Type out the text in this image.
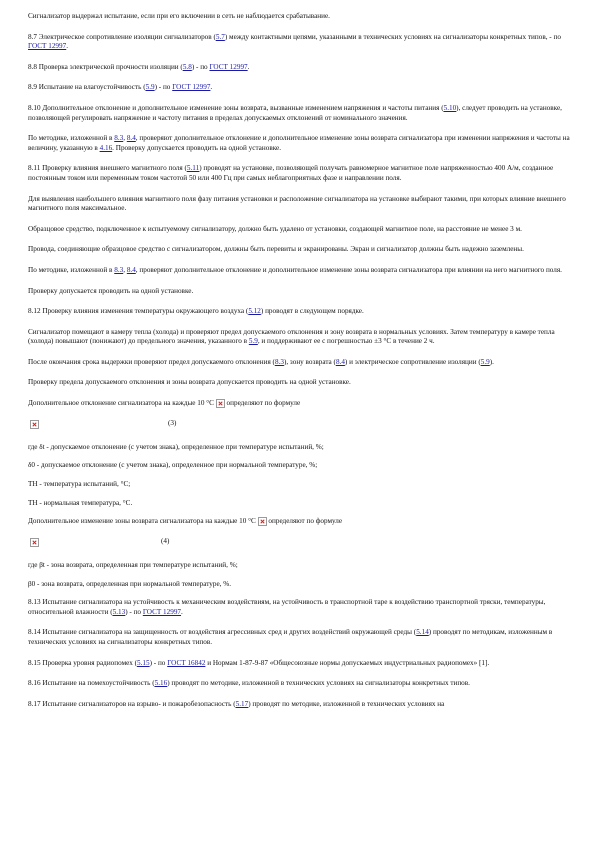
Сигнализатор выдержал испытание, если при его включении в сеть не наблюдается срабатывание.

8.7 Электрическое сопротивление изоляции сигнализаторов (5.7) между контактными цепями, указанными в технических условиях на сигнализаторы конкретных типов, - по ГОСТ 12997.

8.8 Проверка электрической прочности изоляции (5.8) - по ГОСТ 12997.

8.9 Испытание на влагоустойчивость (5.9) - по ГОСТ 12997.

8.10 Дополнительное отклонение и дополнительное изменение зоны возврата, вызванные изменением напряжения и частоты питания (5.10), следует проводить на установке, позволяющей регулировать напряжение и частоту питания в пределах допускаемых отклонений от номинального значения.

По методике, изложенной в 8.3, 8.4, проверяют дополнительное отклонение и дополнительное изменение зоны возврата сигнализатора при изменении напряжения и частоты на величину, указанную в 4.16. Проверку допускается проводить на одной установке.

8.11 Проверку влияния внешнего магнитного поля (5.11) проводят на установке, позволяющей получать равномерное магнитное поле напряженностью 400 А/м, созданное постоянным током или переменным током частотой 50 или 400 Гц при самых неблагоприятных фазе и направлении поля.

Для выявления наибольшего влияния магнитного поля фазу питания установки и расположение сигнализатора на установке выбирают такими, при которых влияние внешнего магнитного поля максимальное.

Образцовое средство, подключенное к испытуемому сигнализатору, должно быть удалено от установки, создающей магнитное поле, на расстояние не менее 3 м.

Провода, соединяющие образцовое средство с сигнализатором, должны быть перевиты и экранированы. Экран и сигнализатор должны быть надежно заземлены.

По методике, изложенной в 8.3, 8.4, проверяют дополнительное отклонение и дополнительное изменение зоны возврата сигнализатора при влиянии на него магнитного поля.

Проверку допускается проводить на одной установке.

8.12 Проверку влияния изменения температуры окружающего воздуха (5.12) проводят в следующем порядке.

Сигнализатор помещают в камеру тепла (холода) и проверяют предел допускаемого отклонения и зону возврата в нормальных условиях. Затем температуру в камере тепла (холода) повышают (понижают) до предельного значения, указанного в 5.9, и поддерживают ее с погрешностью ±3 °С в течение 2 ч.

После окончания срока выдержки проверяют предел допускаемого отклонения (8.3), зону возврата (8.4) и электрическое сопротивление изоляции (5.9).

Проверку предела допускаемого отклонения и зоны возврата допускается проводить на одной установке.

Дополнительное отклонение сигнализатора на каждые 10 °С определяют по формуле
(3)

где δt - допускаемое отклонение (с учетом знака), определенное при температуре испытаний, %;

δ0 - допускаемое отклонение (с учетом знака), определенное при нормальной температуре, %;

TН - температура испытаний, °С;

TН - нормальная температура, °С.

Дополнительное изменение зоны возврата сигнализатора на каждые 10 °С определяют по формуле
(4)

где βt - зона возврата, определенная при температуре испытаний, %;

β0 - зона возврата, определенная при нормальной температуре, %.

8.13 Испытание сигнализатора на устойчивость к механическим воздействиям, на устойчивость в транспортной таре к воздействию транспортной тряски, температуры, относительной влажности (5.13) - по ГОСТ 12997.

8.14 Испытание сигнализатора на защищенность от воздействия агрессивных сред и других воздействий окружающей среды (5.14) проводят по методикам, изложенным в технических условиях на сигнализаторы конкретных типов.

8.15 Проверка уровня радиопомех (5.15) - по ГОСТ 16842 и Нормам 1-87-9-87 «Общесоюзные нормы допускаемых индустриальных радиопомех» [1].

8.16 Испытание на помехоустойчивость (5.16) проводят по методике, изложенной в технических условиях на сигнализаторы конкретных типов.

8.17 Испытание сигнализаторов на взрыво- и пожаробезопасность (5.17) проводят по методике, изложенной в технических условиях на
